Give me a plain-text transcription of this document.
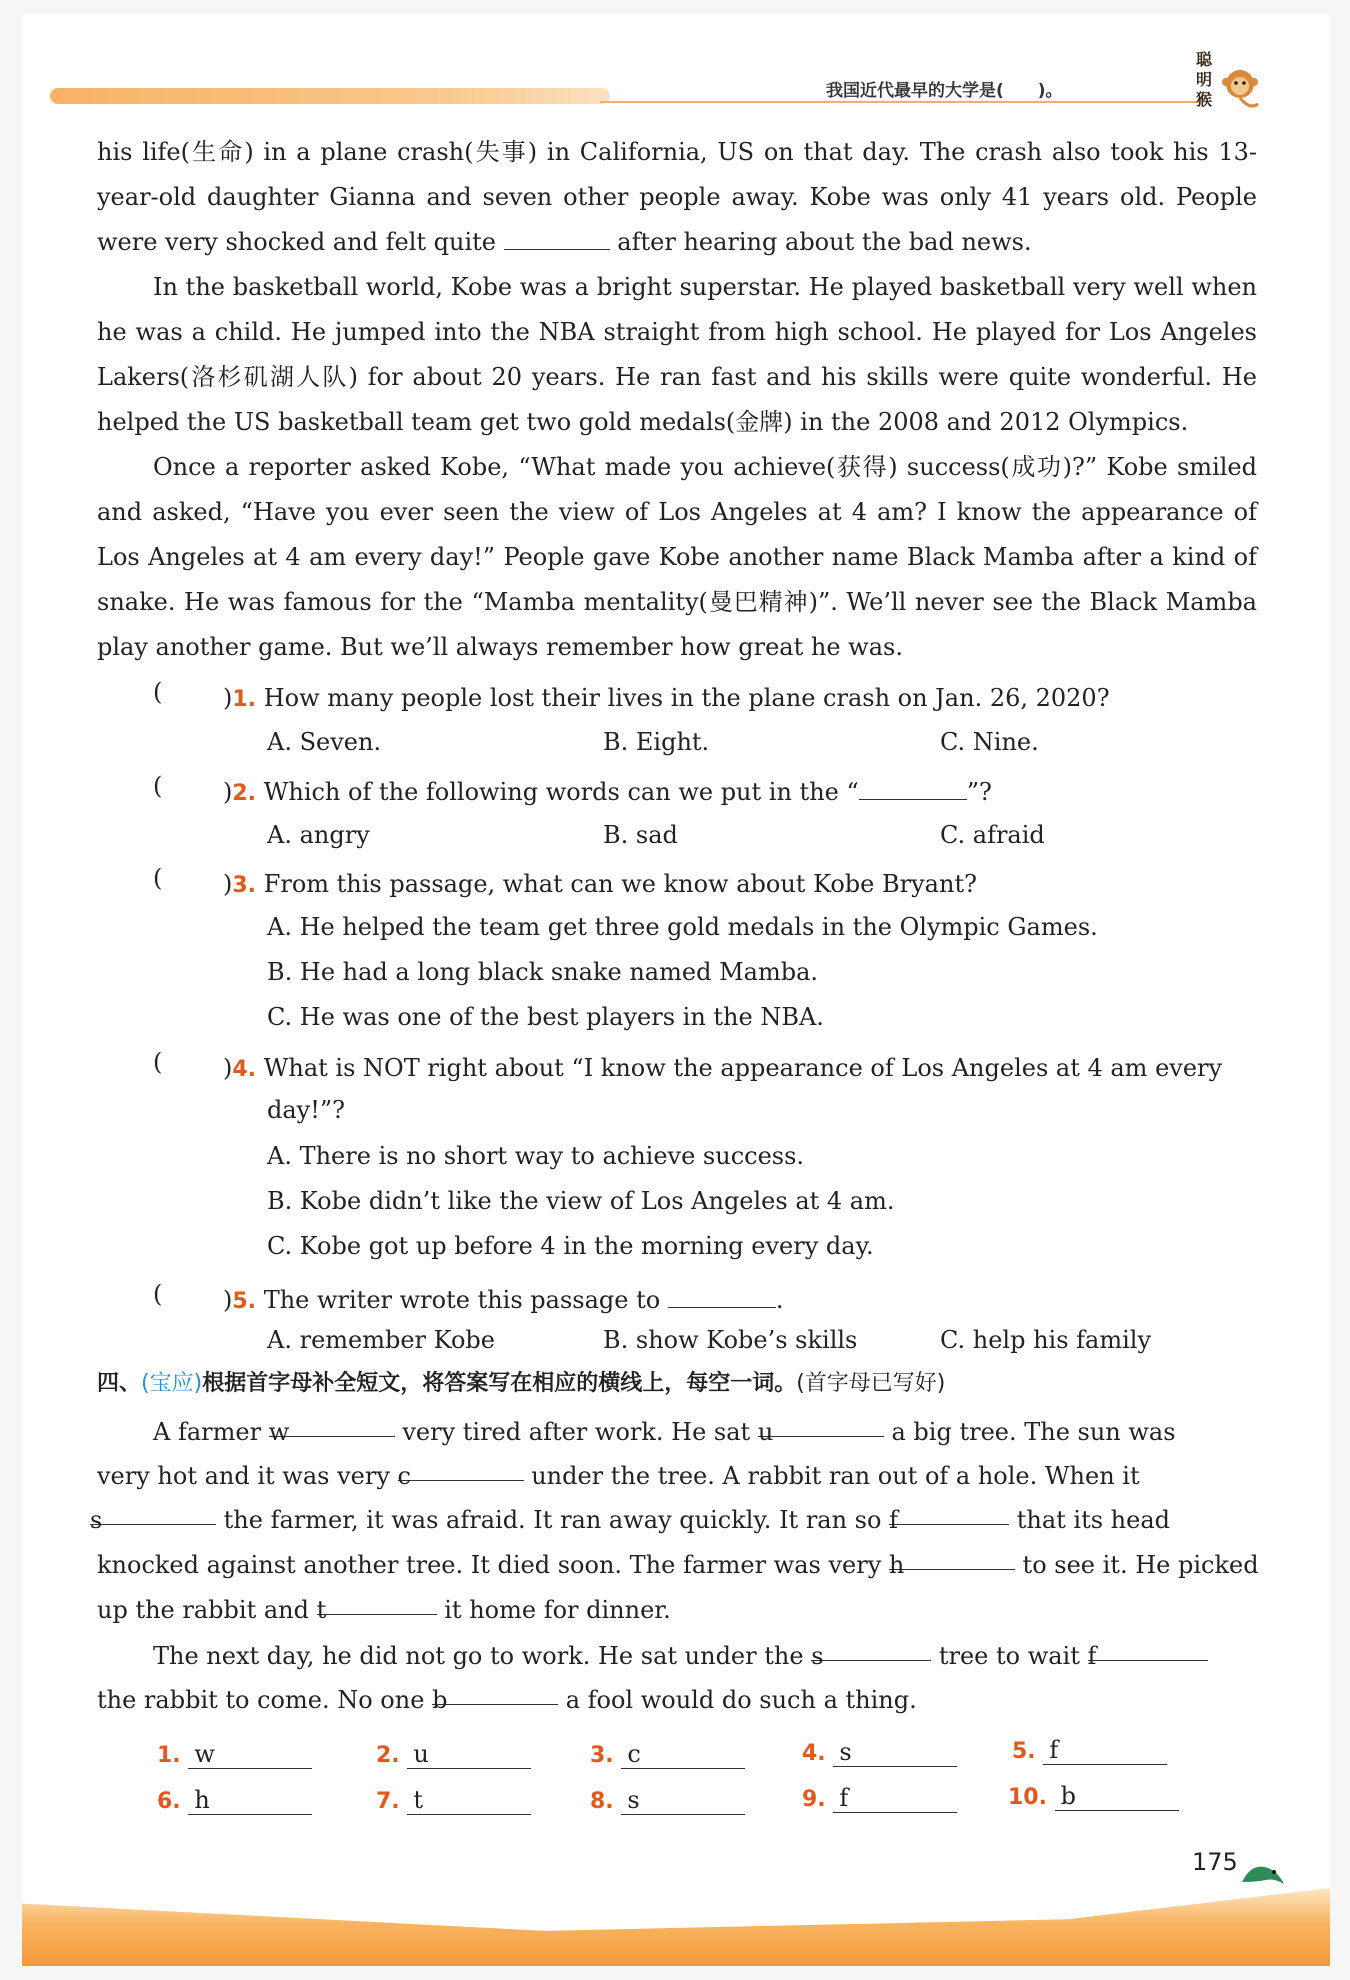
我国近代最早的大学是(　　)。
聪明猴
his life(生命) in a plane crash(失事) in California, US on that day. The crash also took his 13-year-old daughter Gianna and seven other people away. Kobe was only 41 years old. People were very shocked and felt quite	after hearing about the bad news.
In the basketball world, Kobe was a bright superstar. He played basketball very well when he was a child. He jumped into the NBA straight from high school. He played for Los Angeles Lakers(洛杉矶湖人队) for about 20 years. He ran fast and his skills were quite wonderful. He helped the US basketball team get two gold medals(金牌) in the 2008 and 2012 Olympics.
Once a reporter asked Kobe, “What made you achieve(获得) success(成功)?” Kobe smiled and asked, “Have you ever seen the view of Los Angeles at 4 am? I know the appearance of Los Angeles at 4 am every day!” People gave Kobe another name Black Mamba after a kind of snake. He was famous for the “Mamba mentality(曼巴精神)”. We’ll never see the Black Mamba play another game. But we’ll always remember how great he was.
(	)1. How many people lost their lives in the plane crash on Jan. 26, 2020?
A. Seven.	B. Eight.	C. Nine.
(	)2. Which of the following words can we put in the “	”?
A. angry	B. sad	C. afraid
(	)3. From this passage, what can we know about Kobe Bryant?
A. He helped the team get three gold medals in the Olympic Games.
B. He had a long black snake named Mamba.
C. He was one of the best players in the NBA.
(	)4. What is NOT right about “I know the appearance of Los Angeles at 4 am every
day!”?
A. There is no short way to achieve success.
B. Kobe didn’t like the view of Los Angeles at 4 am.
C. Kobe got up before 4 in the morning every day.
(	)5. The writer wrote this passage to	.
A. remember Kobe	B. show Kobe’s skills	C. help his family
四、(宝应)根据首字母补全短文，将答案写在相应的横线上，每空一词。(首字母已写好)
A farmer w	very tired after work. He sat u	a big tree. The sun was
very hot and it was very c	under the tree. A rabbit ran out of a hole. When it
s	the farmer, it was afraid. It ran away quickly. It ran so f	that its head
knocked against another tree. It died soon. The farmer was very h	to see it. He picked
up the rabbit and t	it home for dinner.
The next day, he did not go to work. He sat under the s	tree to wait f
the rabbit to come. No one b	a fool would do such a thing.
1. w	2. u	3. c	4. s	5. f
6. h	7. t	8. s	9. f	10. b
175
